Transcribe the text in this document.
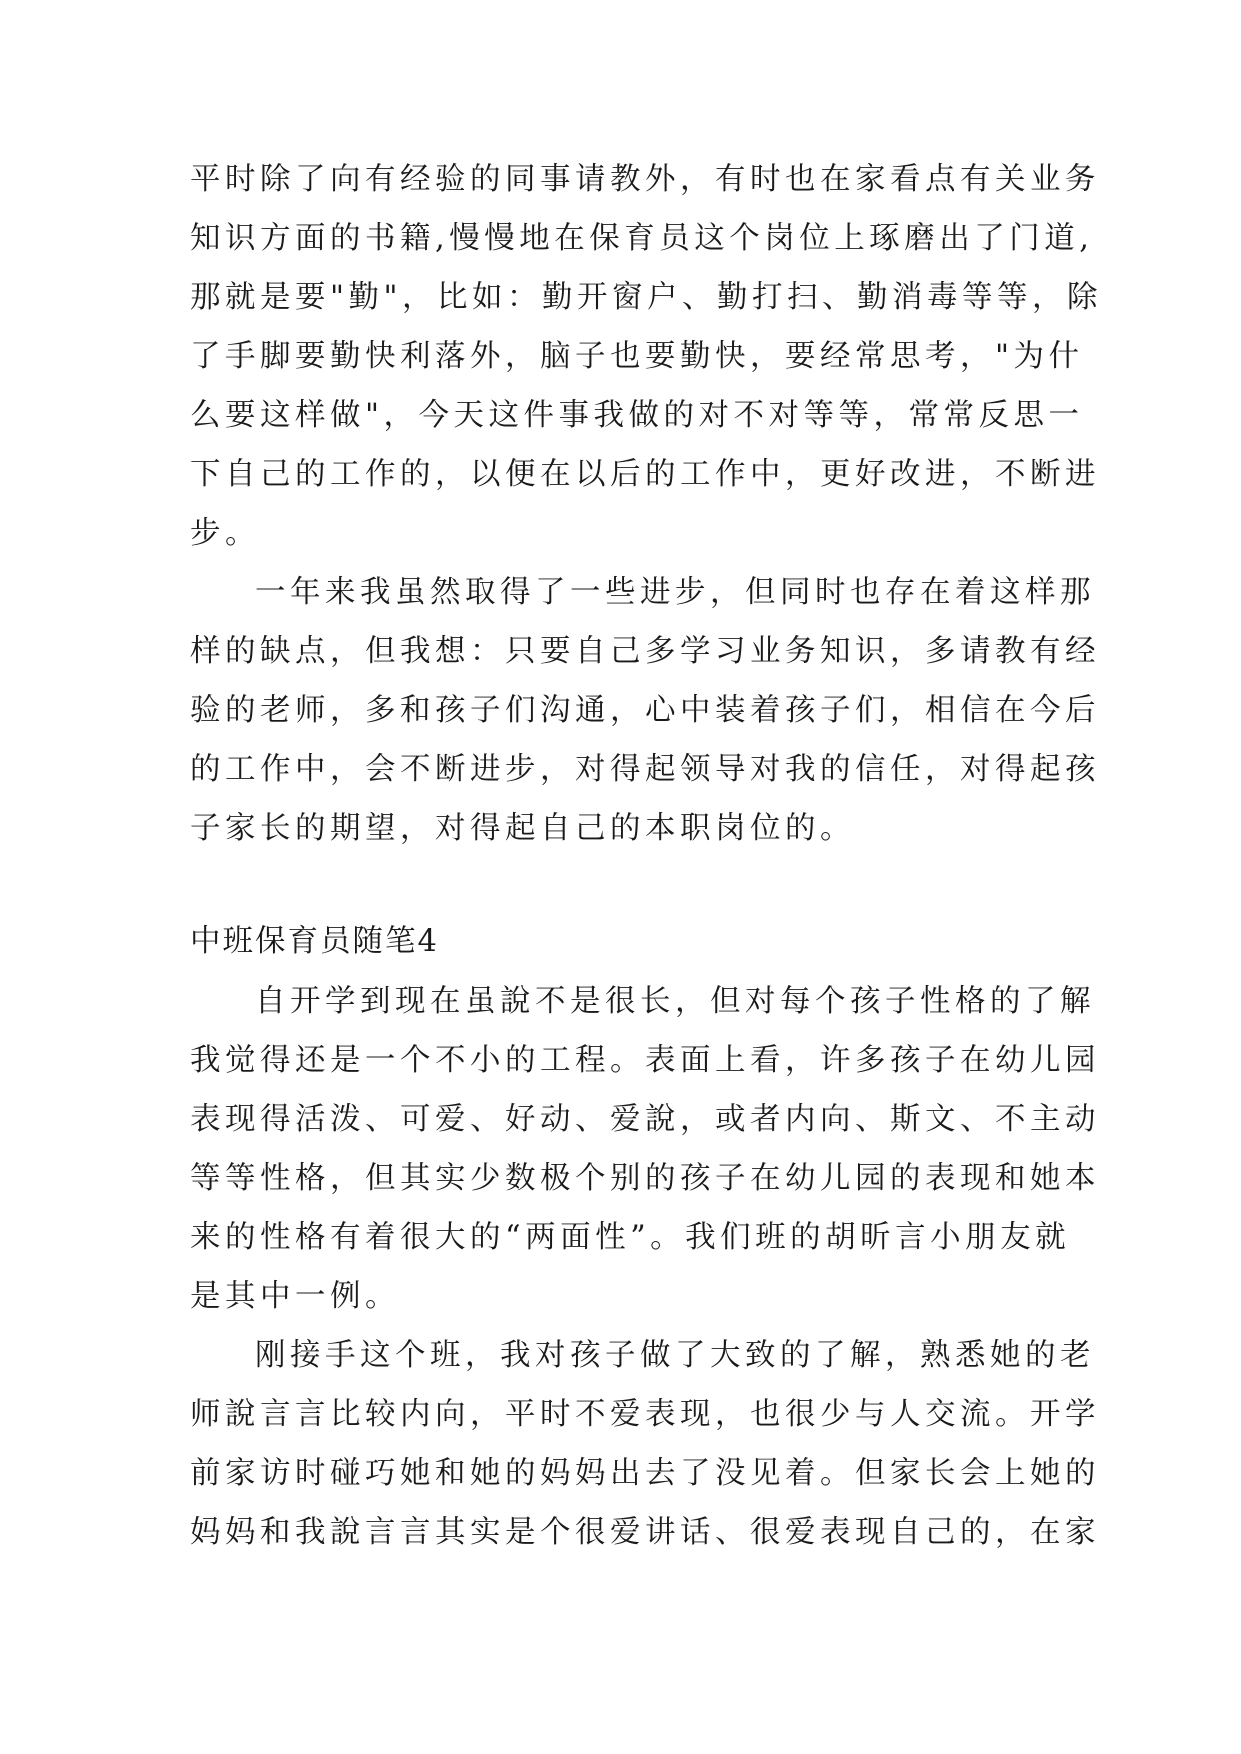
平时除了向有经验的同事请教外，有时也在家看点有关业务
知识方面的书籍,慢慢地在保育员这个岗位上琢磨出了门道,
那就是要"勤"，比如：勤开窗户、勤打扫、勤消毒等等，除
了手脚要勤快利落外，脑子也要勤快，要经常思考，"为什
么要这样做"，今天这件事我做的对不对等等，常常反思一
下自己的工作的，以便在以后的工作中，更好改进，不断进
步。
一年来我虽然取得了一些进步，但同时也存在着这样那
样的缺点，但我想：只要自己多学习业务知识，多请教有经
验的老师，多和孩子们沟通，心中装着孩子们，相信在今后
的工作中，会不断进步，对得起领导对我的信任，对得起孩
子家长的期望，对得起自己的本职岗位的。
中班保育员随笔4
自开学到现在虽說不是很长，但对每个孩子性格的了解
我觉得还是一个不小的工程。表面上看，许多孩子在幼儿园
表现得活泼、可爱、好动、爱說，或者内向、斯文、不主动
等等性格，但其实少数极个别的孩子在幼儿园的表现和她本
来的性格有着很大的“两面性”。我们班的胡昕言小朋友就
是其中一例。
刚接手这个班，我对孩子做了大致的了解，熟悉她的老
师說言言比较内向，平时不爱表现，也很少与人交流。开学
前家访时碰巧她和她的妈妈出去了没见着。但家长会上她的
妈妈和我說言言其实是个很爱讲话、很爱表现自己的，在家
